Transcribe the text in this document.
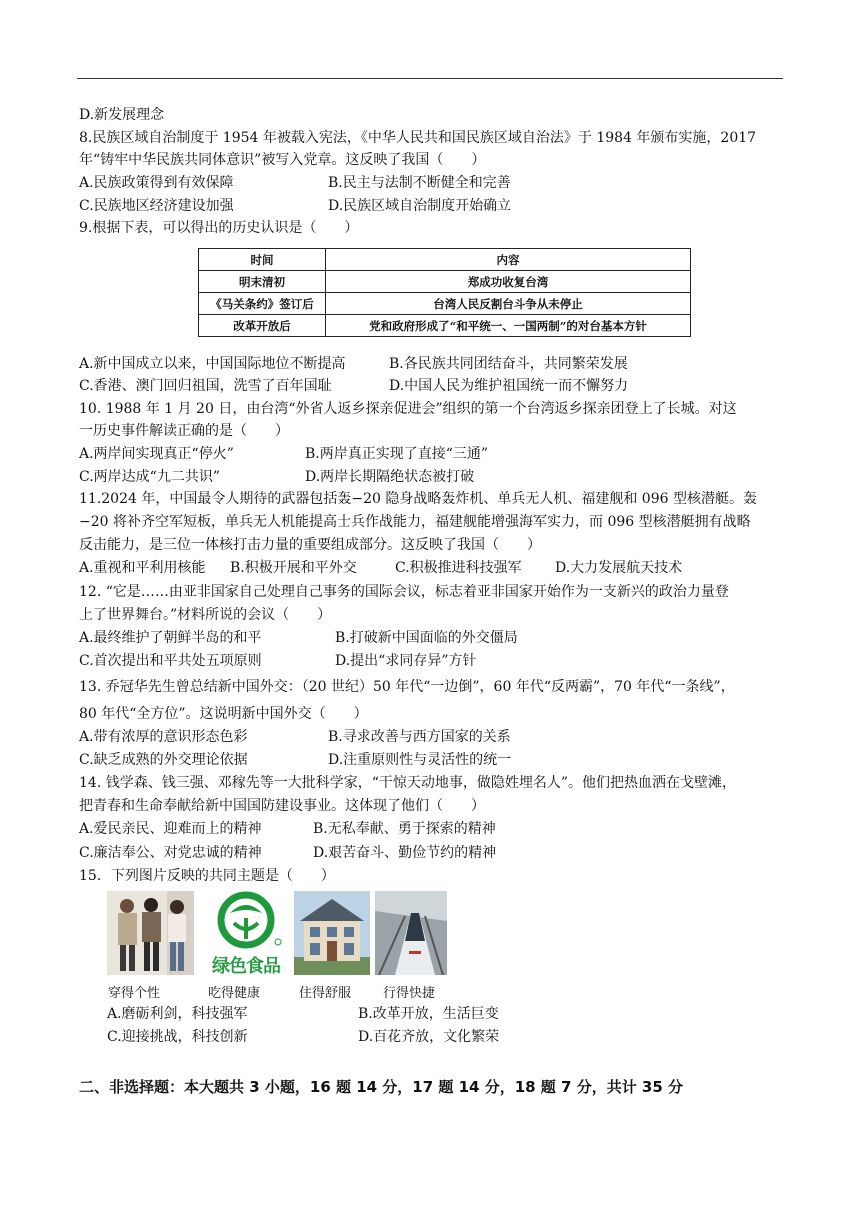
D.新发展理念
8.民族区域自治制度于 1954 年被载入宪法，《中华人民共和国民族区域自治法》于 1984 年颁布实施，2017
年“铸牢中华民族共同体意识”被写入党章。这反映了我国（　　）
A.民族政策得到有效保障	B.民主与法制不断健全和完善
C.民族地区经济建设加强	D.民族区域自治制度开始确立
9.根据下表，可以得出的历史认识是（　　）
时间	内容
明末清初	郑成功收复台湾
《马关条约》签订后	台湾人民反割台斗争从未停止
改革开放后	党和政府形成了“和平统一、一国两制”的对台基本方针
A.新中国成立以来，中国国际地位不断提高	B.各民族共同团结奋斗，共同繁荣发展
C.香港、澳门回归祖国，洗雪了百年国耻	D.中国人民为维护祖国统一而不懈努力
10. 1988 年 1 月 20 日，由台湾“外省人返乡探亲促进会”组织的第一个台湾返乡探亲团登上了长城。对这
一历史事件解读正确的是（　　）
A.两岸间实现真正“停火”	B.两岸真正实现了直接“三通”
C.两岸达成“九二共识”	D.两岸长期隔绝状态被打破
11.2024 年，中国最令人期待的武器包括轰−20 隐身战略轰炸机、单兵无人机、福建舰和 096 型核潜艇。轰
−20 将补齐空军短板，单兵无人机能提高士兵作战能力，福建舰能增强海军实力，而 096 型核潜艇拥有战略
反击能力，是三位一体核打击力量的重要组成部分。这反映了我国（　　）
A.重视和平利用核能 B.积极开展和平外交	C.积极推进科技强军 D.大力发展航天技术
12. “它是……由亚非国家自己处理自己事务的国际会议，标志着亚非国家开始作为一支新兴的政治力量登
上了世界舞台。”材料所说的会议（　　）
A.最终维护了朝鲜半岛的和平	B.打破新中国面临的外交僵局
C.首次提出和平共处五项原则	D.提出“求同存异”方针
13. 乔冠华先生曾总结新中国外交：（20 世纪）50 年代“一边倒”，60 年代“反两霸”，70 年代“一条线”，
80 年代“全方位”。这说明新中国外交（　　）
A.带有浓厚的意识形态色彩	B.寻求改善与西方国家的关系
C.缺乏成熟的外交理论依据	D.注重原则性与灵活性的统一
14. 钱学森、钱三强、邓稼先等一大批科学家，“干惊天动地事，做隐姓埋名人”。他们把热血洒在戈壁滩，
把青春和生命奉献给新中国国防建设事业。这体现了他们（　　）
A.爱民亲民、迎难而上的精神	B.无私奉献、勇于探索的精神
C.廉洁奉公、对党忠诚的精神	D.艰苦奋斗、勤俭节约的精神
15．下列图片反映的共同主题是（　　）
绿色食品
穿得个性	吃得健康	住得舒服 行得快捷
A.磨砺利剑，科技强军	B.改革开放，生活巨变
C.迎接挑战，科技创新	D.百花齐放，文化繁荣
二、非选择题：本大题共 3 小题，16 题 14 分，17 题 14 分，18 题 7 分，共计 35 分
